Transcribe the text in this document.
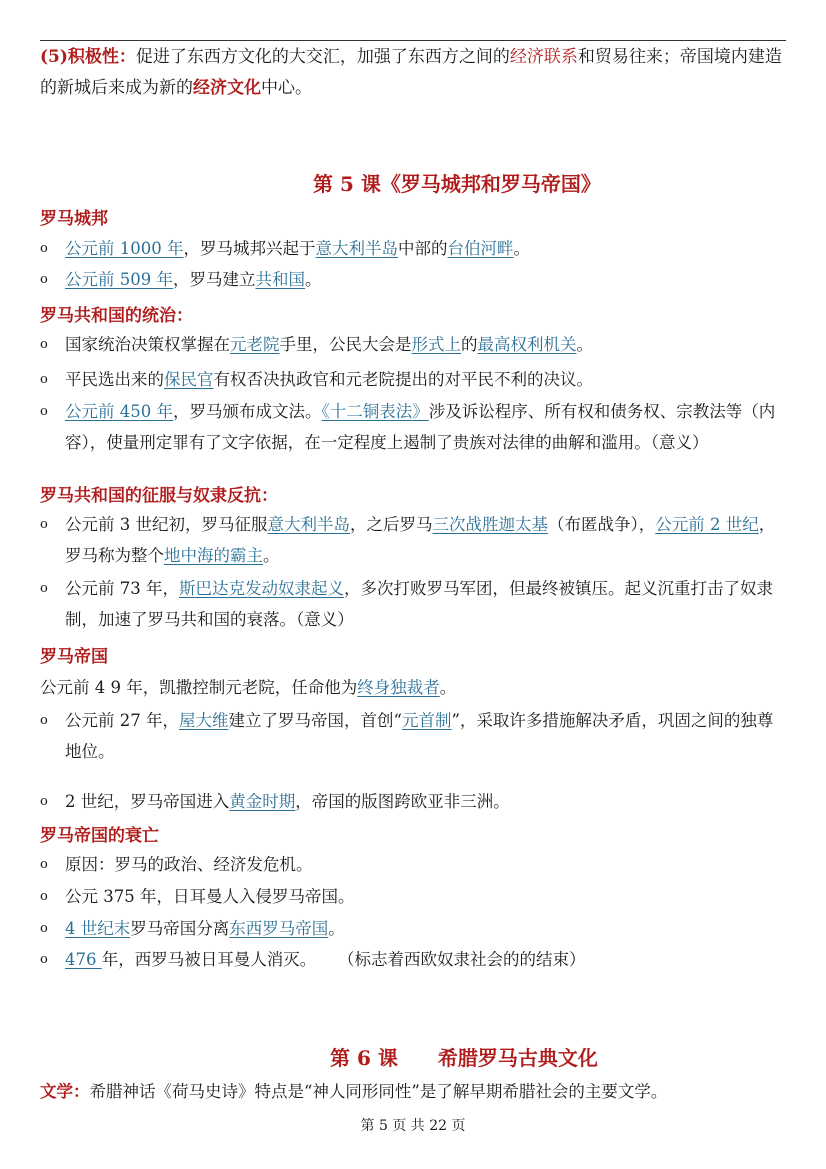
(5)积极性：促进了东西方文化的大交汇，加强了东西方之间的经济联系和贸易往来；帝国境内建造的新城后来成为新的经济文化中心。
第 5 课《罗马城邦和罗马帝国》
罗马城邦
o 公元前 1000 年，罗马城邦兴起于意大利半岛中部的台伯河畔。
o 公元前 509 年，罗马建立共和国。
罗马共和国的统治：
o 国家统治决策权掌握在元老院手里，公民大会是形式上的最高权利机关。
o 平民选出来的保民官有权否决执政官和元老院提出的对平民不利的决议。
o 公元前 450 年，罗马颁布成文法。《十二铜表法》涉及诉讼程序、所有权和债务权、宗教法等（内容），使量刑定罪有了文字依据，在一定程度上遏制了贵族对法律的曲解和滥用。（意义）
罗马共和国的征服与奴隶反抗：
o 公元前 3 世纪初，罗马征服意大利半岛，之后罗马三次战胜迦太基（布匿战争），公元前 2 世纪，罗马称为整个地中海的霸主。
o 公元前 73 年，斯巴达克发动奴隶起义，多次打败罗马军团，但最终被镇压。起义沉重打击了奴隶制，加速了罗马共和国的衰落。（意义）
罗马帝国
公元前 4 9 年，凯撒控制元老院，任命他为终身独裁者。
o 公元前 27 年，屋大维建立了罗马帝国，首创“元首制”，采取许多措施解决矛盾，巩固之间的独尊地位。
o 2 世纪，罗马帝国进入黄金时期，帝国的版图跨欧亚非三洲。
罗马帝国的衰亡
o 原因：罗马的政治、经济发危机。
o 公元 375 年，日耳曼人入侵罗马帝国。
o 4 世纪末罗马帝国分离东西罗马帝国。
o 476 年，西罗马被日耳曼人消灭。 （标志着西欧奴隶社会的的结束）
第 6 课　　希腊罗马古典文化
文学：希腊神话《荷马史诗》特点是“神人同形同性”是了解早期希腊社会的主要文学。
第 5 页 共 22 页
